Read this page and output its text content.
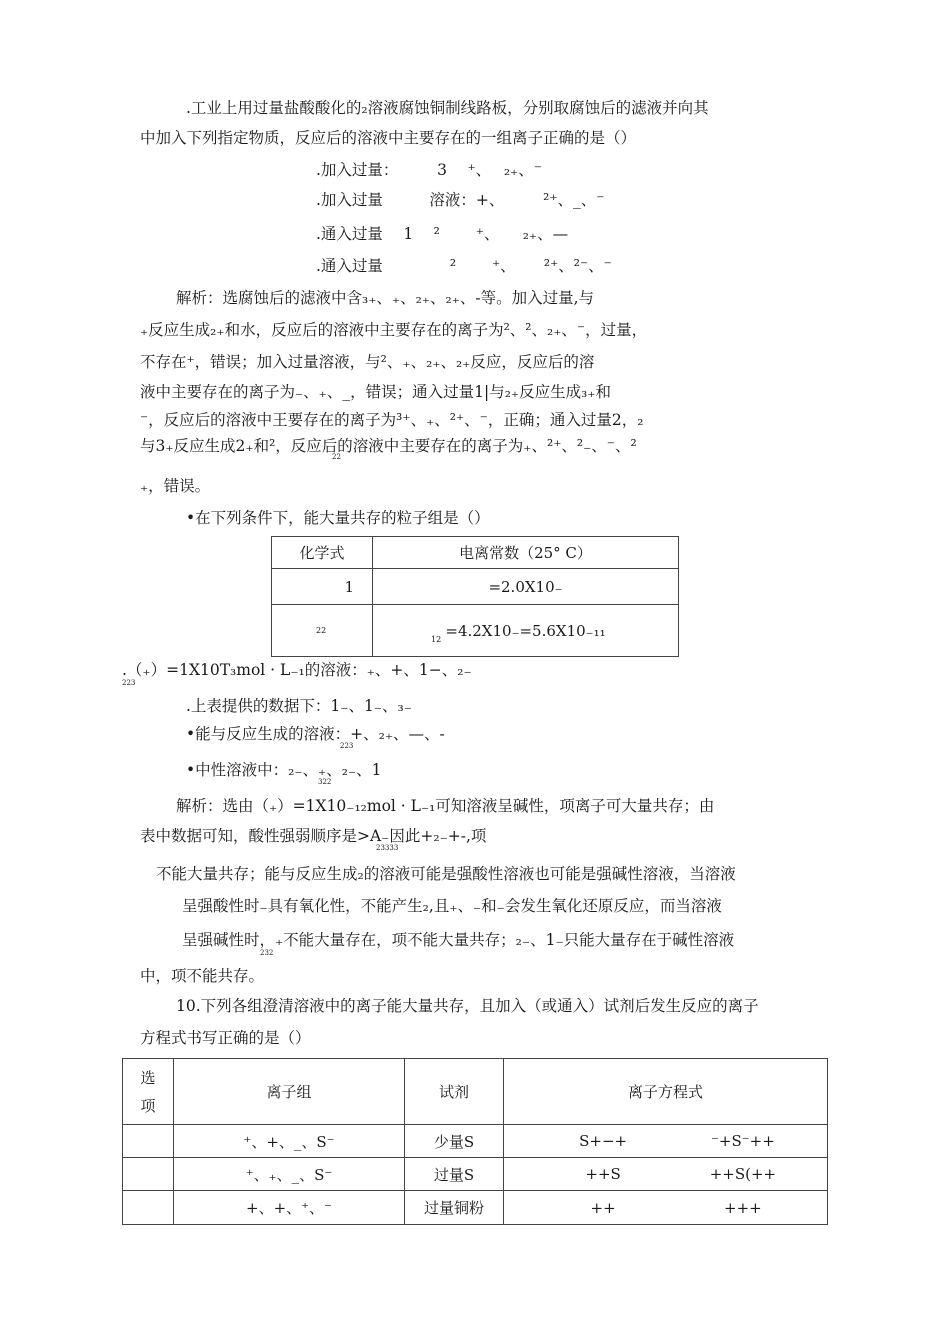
.工业上用过量盐酸酸化的₂溶液腐蚀铜制线路板，分别取腐蚀后的滤液并向其
中加入下列指定物质，反应后的溶液中主要存在的一组离子正确的是（）
.加入过量：　　　3　 ⁺、　 ₂₊、⁻
.加入过量　　　溶液：+、　　　²⁺、_、⁻
.通入过量　 1　 ²　　 ⁺、　　₂₊、—
.通入过量　　　　 ²　　 ⁺、　　 ²⁺、²⁻、⁻
解析：选腐蚀后的滤液中含₃₊、₊、₂₊、₂₊、-等。加入过量,与
₊反应生成₂₊和水，反应后的溶液中主要存在的离子为²、²、₂₊、⁻，过量，
不存在⁺，错误；加入过量溶液，与²、₊、₂₊、₂₊反应，反应后的溶
液中主要存在的离子为₋、₊、_，错误；通入过量1|与₂₊反应生成₃₊和
⁻，反应后的溶液中王要存在的离子为³⁺、₊、²⁺、⁻，正确；通入过量2，₂
与3₊反应生成2₊和²，反应后的溶液中主要存在的离子为₊、²⁺、²₋、⁻、²
22
₊，错误。
•在下列条件下，能大量共存的粒子组是（）
化学式	电离常数（25° C）
1	=2.0X10₋
22	12 =4.2X10₋=5.6X10₋₁₁
.（₊）=1X10T₃mol · L₋₁的溶液：₊、+、1−、₂₋
223
.上表提供的数据下：1₋、1₋、₃₋
•能与反应生成的溶液：+、₂₊、—、-
223
•中性溶液中：₂₋、₊、₂₋、1
322
解析：选由（₊）=1X10₋₁₂mol · L₋₁可知溶液呈碱性，项离子可大量共存；由
表中数据可知，酸性强弱顺序是>A₋因此+₂₋+-,项
23333
不能大量共存；能与反应生成₂的溶液可能是强酸性溶液也可能是强碱性溶液，当溶液
呈强酸性时₋具有氧化性，不能产生₂,且₊、₋和₋会发生氧化还原反应，而当溶液
呈强碱性时，₊不能大量存在，项不能大量共存；₂₋、1₋只能大量存在于碱性溶液
232
中，项不能共存。
10.下列各组澄清溶液中的离子能大量共存，且加入（或通入）试剂后发生反应的离子
方程式书写正确的是（）
选
项	离子组	试剂	离子方程式
	⁺、+、_、S⁻	少量S	S+−+ ⁻+S⁻++
	⁺、₊、_、S⁻	过量S	++S ++S(++
	+、+、⁺、⁻	过量铜粉	++ +++
